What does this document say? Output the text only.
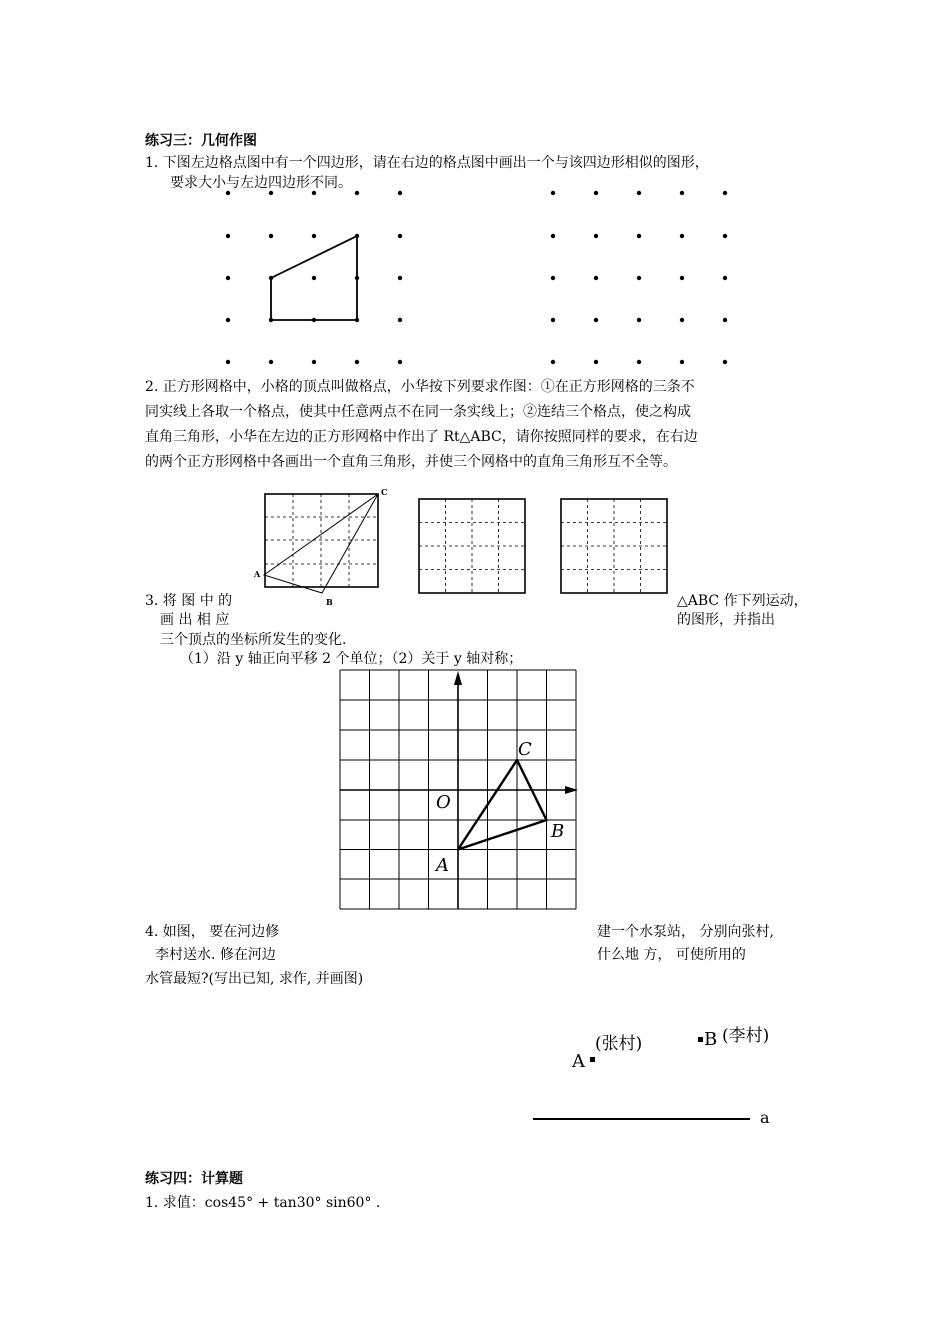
练习三：几何作图
1. 下图左边格点图中有一个四边形，请在右边的格点图中画出一个与该四边形相似的图形，
要求大小与左边四边形不同。
2. 正方形网格中，小格的顶点叫做格点，小华按下列要求作图：①在正方形网格的三条不
同实线上各取一个格点，使其中任意两点不在同一条实线上；②连结三个格点，使之构成
直角三角形，小华在左边的正方形网格中作出了 Rt△ABC，请你按照同样的要求，在右边
的两个正方形网格中各画出一个直角三角形，并使三个网格中的直角三角形互不全等。
A
C
B
3. 将 图 中 的	△ABC 作下列运动，
画 出 相 应	的图形，并指出
三个顶点的坐标所发生的变化.
（1）沿 y 轴正向平移 2 个单位；（2）关于 y 轴对称；
C
O
B
A
4. 如图， 要在河边修	建一个水泵站， 分别向张村,
李村送水. 修在河边	什么地 方， 可使所用的
水管最短?(写出已知, 求作, 并画图)
A
(张村)	B (李村)
a
练习四：计算题
1. 求值：cos45° + tan30° sin60° .
